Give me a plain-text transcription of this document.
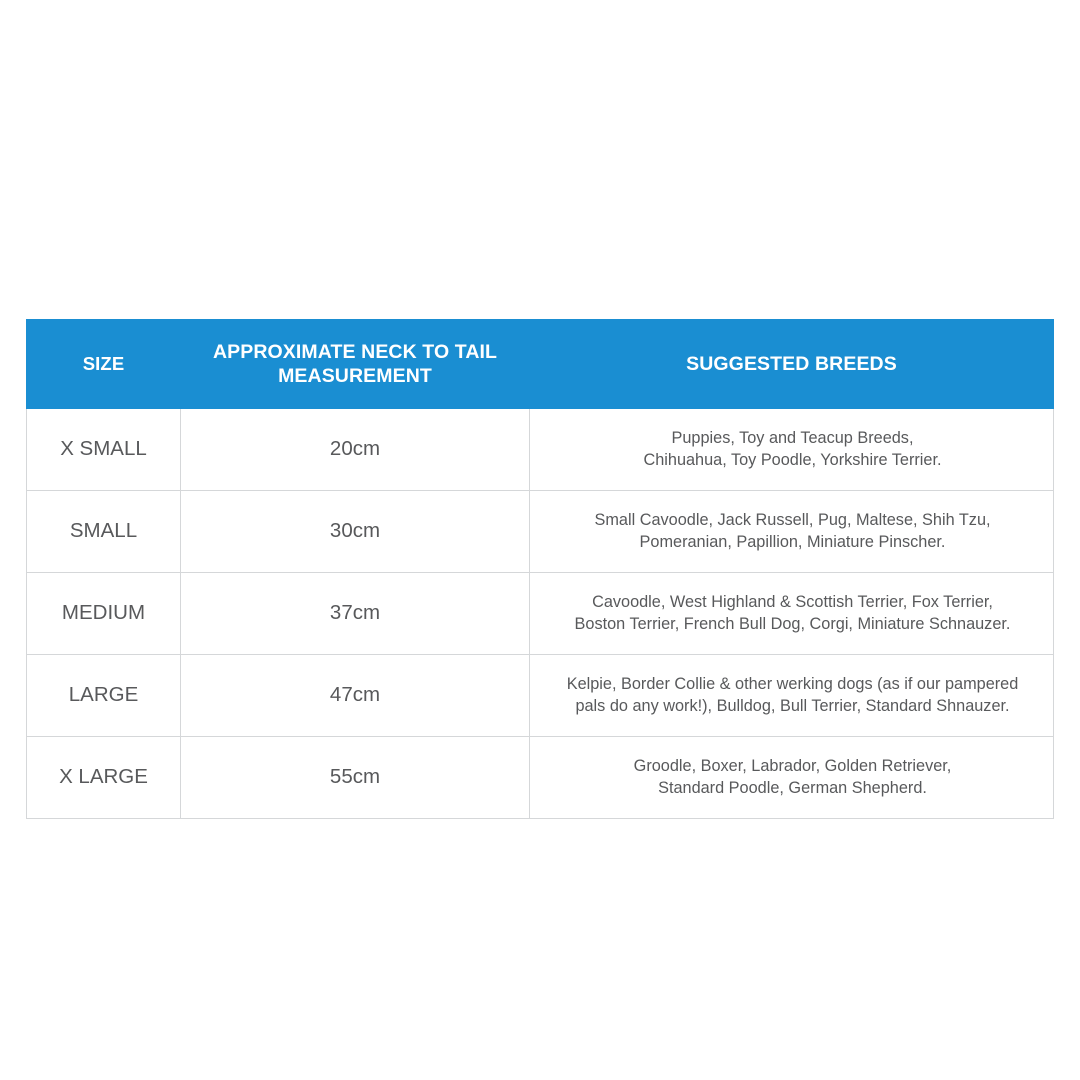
SIZE	APPROXIMATE NECK TO TAIL MEASUREMENT	SUGGESTED BREEDS
X SMALL	20cm	Puppies, Toy and Teacup Breeds,
Chihuahua, Toy Poodle, Yorkshire Terrier.

SMALL	30cm	Small Cavoodle, Jack Russell, Pug, Maltese, Shih Tzu,
Pomeranian, Papillion, Miniature Pinscher.

MEDIUM	37cm	Cavoodle, West Highland & Scottish Terrier, Fox Terrier,
Boston Terrier, French Bull Dog, Corgi, Miniature Schnauzer.

LARGE	47cm	Kelpie, Border Collie & other werking dogs (as if our pampered
pals do any work!), Bulldog, Bull Terrier, Standard Shnauzer.

X LARGE	55cm	Groodle, Boxer, Labrador, Golden Retriever,
Standard Poodle, German Shepherd.
